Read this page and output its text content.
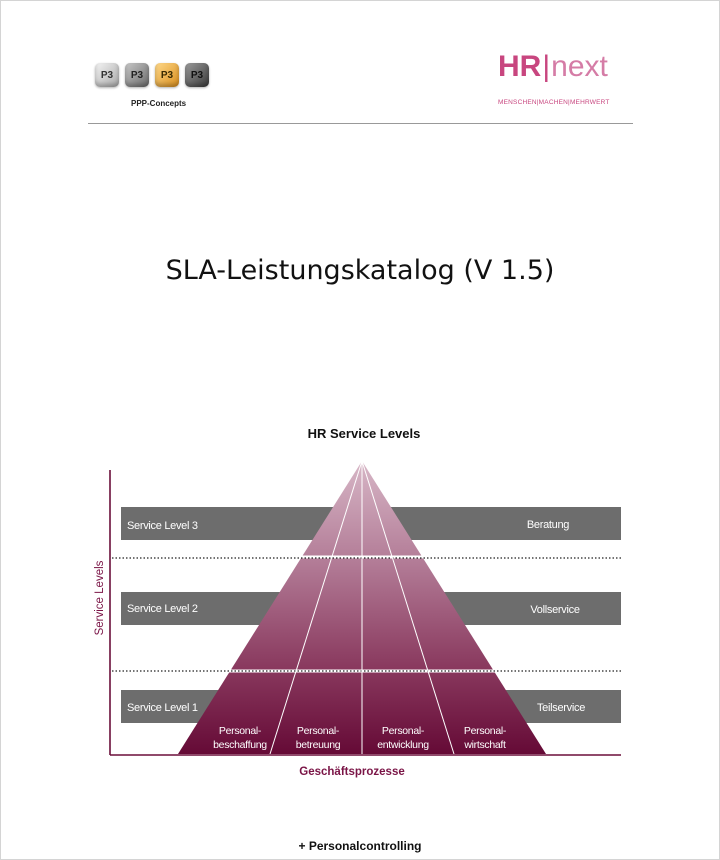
P3	P3	P3	P3
PPP-Concepts
HR|next
MENSCHEN|MACHEN|MEHRWERT
SLA-Leistungskatalog (V 1.5)
HR Service Levels
Service Level 3
Service Level 2
Service Level 1
Beratung
Vollservice
Teilservice
Personal-
beschaffung
Personal-
betreuung
Personal-
entwicklung
Personal-
wirtschaft
Service Levels
Geschäftsprozesse
+ Personalcontrolling
